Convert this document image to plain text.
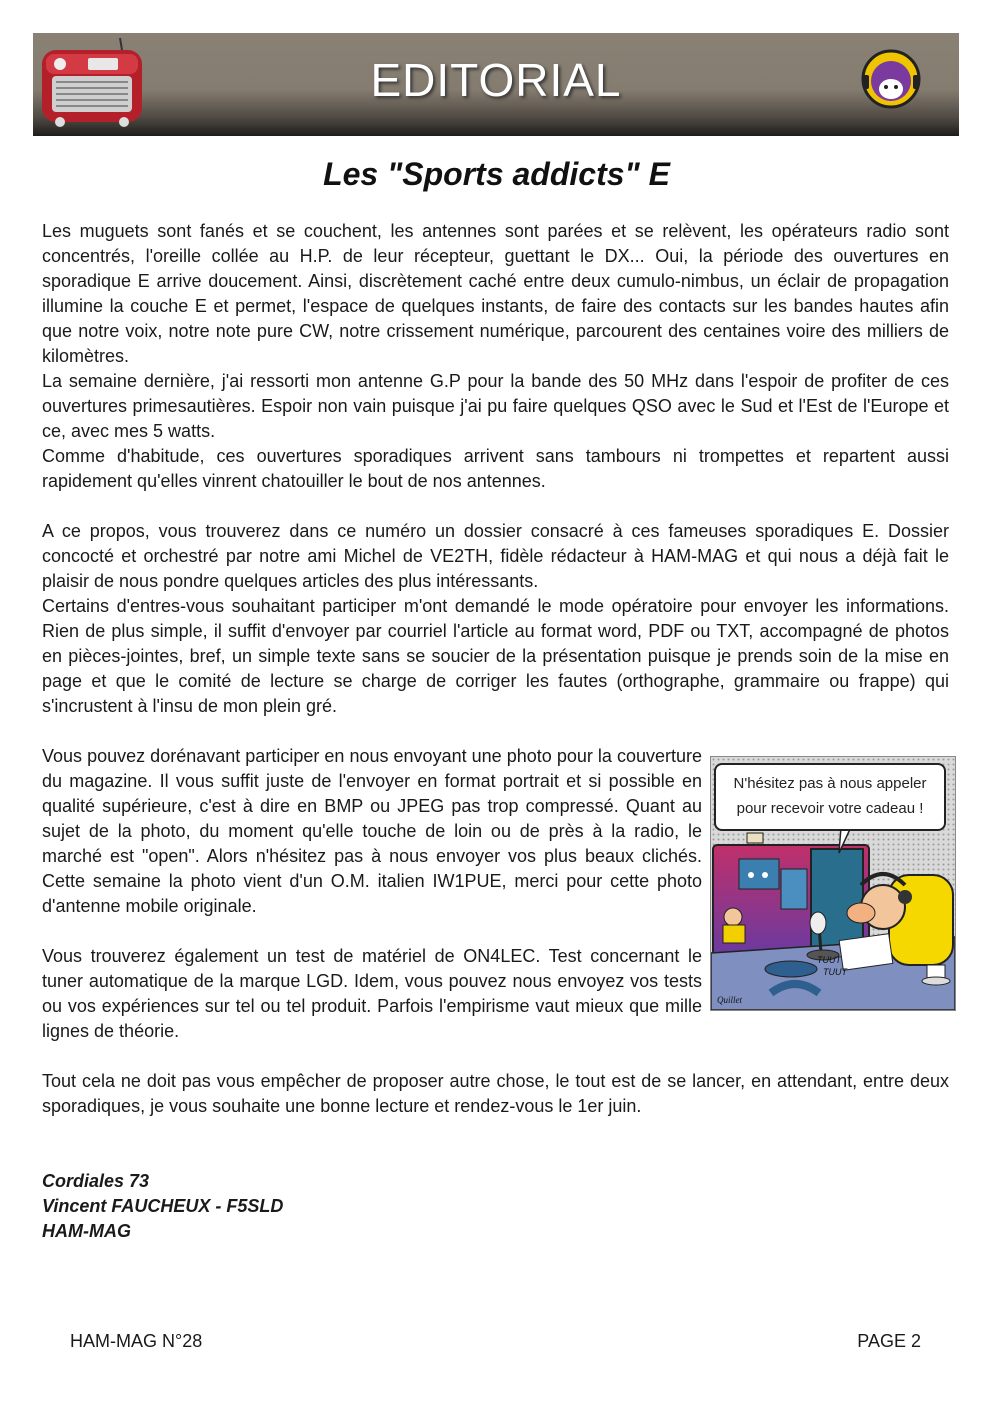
EDITORIAL
Les "Sports addicts" E

Les muguets sont fanés et se couchent, les antennes sont parées et se relèvent, les opérateurs radio sont concentrés, l'oreille collée au H.P. de leur récepteur, guettant le DX... Oui, la période des ouvertures en sporadique E arrive doucement. Ainsi, discrètement caché entre deux cumulo-nimbus, un éclair de propagation illumine la couche E et permet, l'espace de quelques instants, de faire des contacts sur les bandes hautes afin que notre voix, notre note pure CW, notre crissement numérique, parcourent des centaines voire des milliers de kilomètres.

La semaine dernière, j'ai ressorti mon antenne G.P pour la bande des 50 MHz dans l'espoir de profiter de ces ouvertures primesautières. Espoir non vain puisque j'ai pu faire quelques QSO avec le Sud et l'Est de l'Europe et ce, avec mes 5 watts.

Comme d'habitude, ces ouvertures sporadiques arrivent sans tambours ni trompettes et repartent aussi rapidement qu'elles vinrent chatouiller le bout de nos antennes.

A ce propos, vous trouverez dans ce numéro un dossier consacré à ces fameuses sporadiques E. Dossier concocté et orchestré par notre ami Michel de VE2TH, fidèle rédacteur à HAM-MAG et qui nous a déjà fait le plaisir de nous pondre quelques articles des plus intéressants.

Certains d'entres-vous souhaitant participer m'ont demandé le mode opératoire pour envoyer les informations. Rien de plus simple, il suffit d'envoyer par courriel l'article au format word, PDF ou TXT, accompagné de photos en pièces-jointes, bref, un simple texte sans se soucier de la présentation puisque je prends soin de la mise en page et que le comité de lecture se charge de corriger les fautes (orthographe, grammaire ou frappe) qui s'incrustent à l'insu de mon plein gré.

Vous pouvez dorénavant participer en nous envoyant une photo pour la couverture du magazine. Il vous suffit juste de l'envoyer en format portrait et si possible en qualité supérieure, c'est à dire en BMP ou JPEG pas trop compressé. Quant au sujet de la photo, du moment qu'elle touche de loin ou de près à la radio, le marché est "open". Alors n'hésitez pas à nous envoyer vos plus beaux clichés. Cette semaine la photo vient d'un O.M. italien IW1PUE, merci pour cette photo d'antenne mobile originale.

Vous trouverez également un test de matériel de ON4LEC. Test concernant le tuner automatique de la marque LGD. Idem, vous pouvez nous envoyez vos tests ou vos expériences sur tel ou tel produit. Parfois l'empirisme vaut mieux que mille lignes de théorie.

Tout cela ne doit pas vous empêcher de proposer autre chose, le tout est de se lancer, en attendant, entre deux sporadiques, je vous souhaite une bonne lecture et rendez-vous le 1er juin.

Cordiales 73

Vincent FAUCHEUX - F5SLD

HAM-MAG

TUUT
TUUT
Quillet
N'hésitez pas à nous appeler
pour recevoir votre cadeau !
HAM-MAG N°28	PAGE 2
